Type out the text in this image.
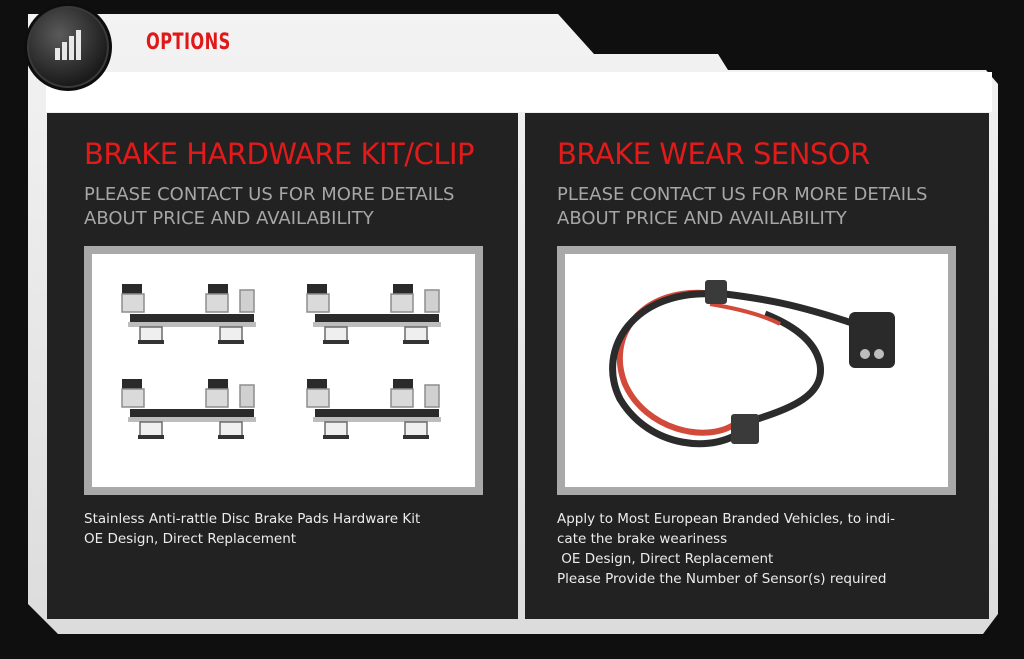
OPTIONS
BRAKE HARDWARE KIT/CLIP

PLEASE CONTACT US FOR MORE DETAILS
ABOUT PRICE AND AVAILABILITY

Stainless Anti-rattle Disc Brake Pads Hardware Kit
OE Design, Direct Replacement

BRAKE WEAR SENSOR

PLEASE CONTACT US FOR MORE DETAILS
ABOUT PRICE AND AVAILABILITY

Apply to Most European Branded Vehicles, to indi-
cate the brake weariness
OE Design, Direct Replacement
Please Provide the Number of Sensor(s) required
